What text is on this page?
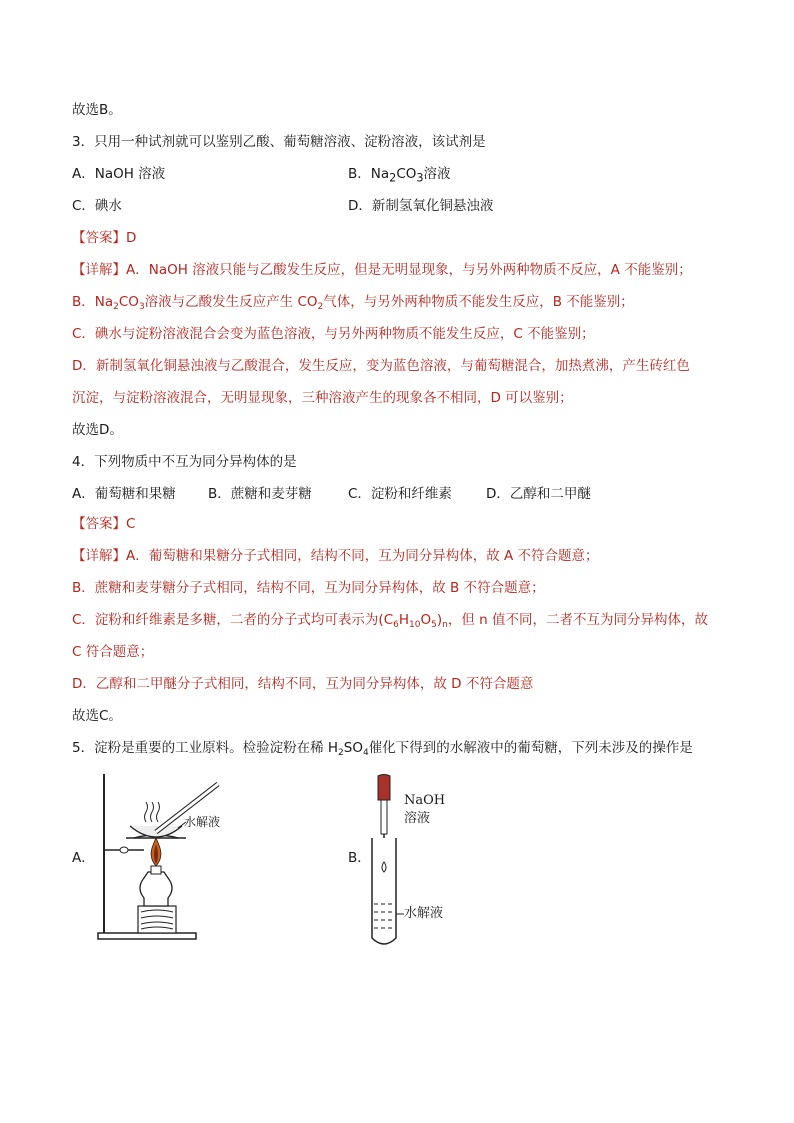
故选B。
3．只用一种试剂就可以鉴别乙酸、葡萄糖溶液、淀粉溶液，该试剂是
A．NaOH 溶液	B．$Na_2CO_3$溶液
C．碘水	D．新制氢氧化铜悬浊液
【答案】D
【详解】A．NaOH 溶液只能与乙酸发生反应，但是无明显现象，与另外两种物质不反应，A 不能鉴别；
B．$Na_2CO_3$溶液与乙酸发生反应产生 $CO_2$气体，与另外两种物质不能发生反应，B 不能鉴别；
C．碘水与淀粉溶液混合会变为蓝色溶液，与另外两种物质不能发生反应，C 不能鉴别；
D．新制氢氧化铜悬浊液与乙酸混合，发生反应，变为蓝色溶液，与葡萄糖混合，加热煮沸，产生砖红色
沉淀，与淀粉溶液混合，无明显现象，三种溶液产生的现象各不相同，D 可以鉴别；
故选D。
4．下列物质中不互为同分异构体的是
A．葡萄糖和果糖 B．蔗糖和麦芽糖	C．淀粉和纤维素	D．乙醇和二甲醚
【答案】C
【详解】A．葡萄糖和果糖分子式相同，结构不同，互为同分异构体，故 A 不符合题意；
B．蔗糖和麦芽糖分子式相同，结构不同，互为同分异构体，故 B 不符合题意；
C．淀粉和纤维素是多糖，二者的分子式均可表示为$(C_6H_{10}O_5)_n$，但 n 值不同，二者不互为同分异构体，故
C 符合题意；
D．乙醇和二甲醚分子式相同，结构不同，互为同分异构体，故 D 不符合题意
故选C。
5．淀粉是重要的工业原料。检验淀粉在稀 $H_2SO_4$催化下得到的水解液中的葡萄糖，下列未涉及的操作是
A．	B．
水解液
NaOH
溶液
水解液
